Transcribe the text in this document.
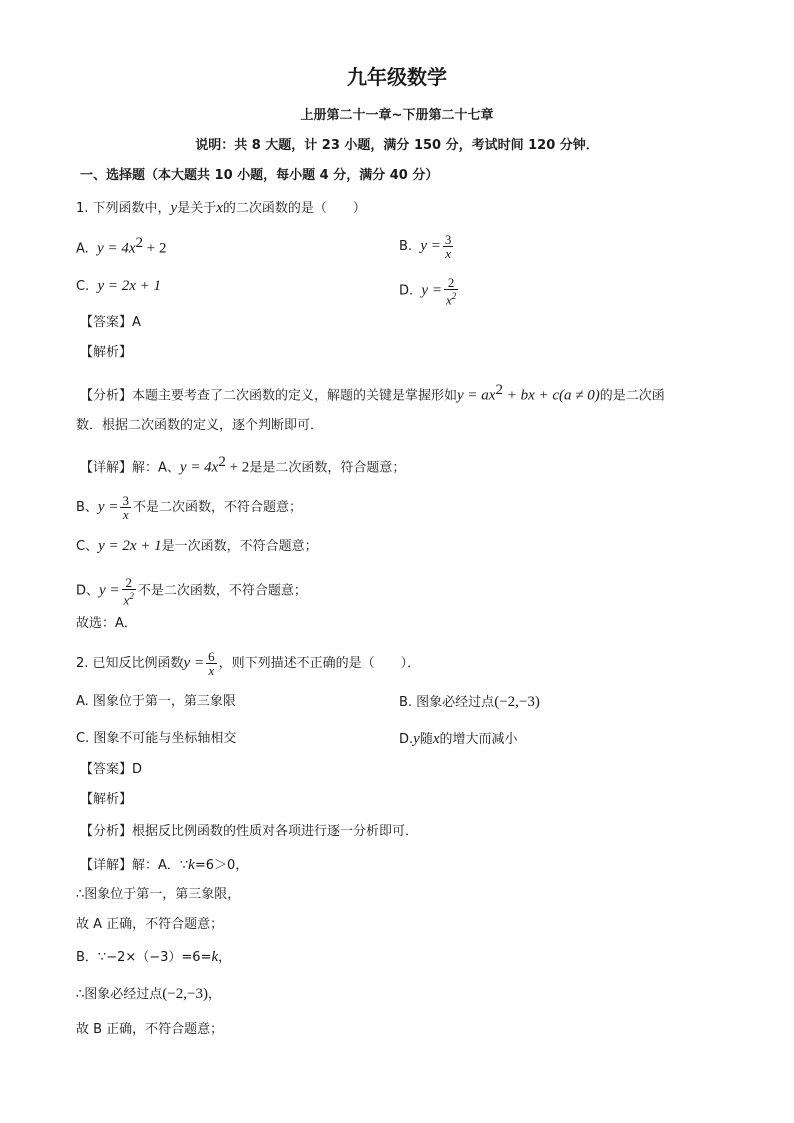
九年级数学
上册第二十一章~下册第二十七章
说明：共 8 大题，计 23 小题，满分 150 分，考试时间 120 分钟．
一、选择题（本大题共 10 小题，每小题 4 分，满分 40 分）
1. 下列函数中，y是关于x的二次函数的是（　　）
A. $y = 4x^2 + 2$	B. $y = \frac{3}{x}$
C. y = 2x + 1	D. $y = \frac{2}{x^2}$
【答案】A
【解析】
【分析】本题主要考查了二次函数的定义，解题的关键是掌握形如$y = ax^2$ + bx + c(a ≠ 0)的是二次函
数．根据二次函数的定义，逐个判断即可．
【详解】解：A、$y = 4x^2 + 2$是是二次函数，符合题意；
B、$y = \frac{3}{x}$ 不是二次函数，不符合题意；
C、y = 2x + 1是一次函数，不符合题意；
D、$y = \frac{2}{x^2}$ 不是二次函数，不符合题意；
故选：A．
2. 已知反比例函数$y = \frac{6}{x}$ ，则下列描述不正确的是（　　）．
A. 图象位于第一，第三象限	B. 图象必经过点(−2,−3)
C. 图象不可能与坐标轴相交	D.y随x的增大而减小
【答案】D
【解析】
【分析】根据反比例函数的性质对各项进行逐一分析即可．
【详解】解：A．∵k=6＞0，
∴图象位于第一，第三象限，
故 A 正确，不符合题意；
B．∵−2×（−3）=6=k，
∴图象必经过点(−2,−3)，
故 B 正确，不符合题意；
